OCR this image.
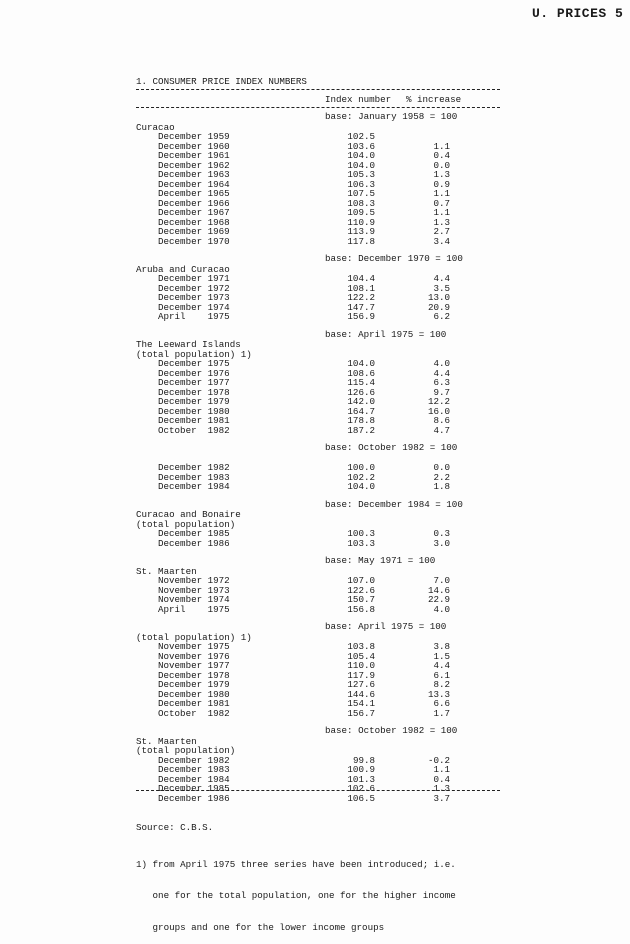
U. PRICES 5
1. CONSUMER PRICE INDEX NUMBERS
Index number % increase
base: January 1958 = 100
Curacao
December 1959	102.5
December 1960	103.6	1.1
December 1961	104.0	0.4
December 1962	104.0	0.0
December 1963	105.3	1.3
December 1964	106.3	0.9
December 1965	107.5	1.1
December 1966	108.3	0.7
December 1967	109.5	1.1
December 1968	110.9	1.3
December 1969	113.9	2.7
December 1970	117.8	3.4
base: December 1970 = 100
Aruba and Curacao
December 1971	104.4	4.4
December 1972	108.1	3.5
December 1973	122.2	13.0
December 1974	147.7	20.9
April    1975	156.9	6.2
base: April 1975 = 100
The Leeward Islands
(total population) 1)
December 1975	104.0	4.0
December 1976	108.6	4.4
December 1977	115.4	6.3
December 1978	126.6	9.7
December 1979	142.0	12.2
December 1980	164.7	16.0
December 1981	178.8	8.6
October  1982	187.2	4.7
base: October 1982 = 100
December 1982	100.0	0.0
December 1983	102.2	2.2
December 1984	104.0	1.8
base: December 1984 = 100
Curacao and Bonaire
(total population)
December 1985	100.3	0.3
December 1986	103.3	3.0
base: May 1971 = 100
St. Maarten
November 1972	107.0	7.0
November 1973	122.6	14.6
November 1974	150.7	22.9
April    1975	156.8	4.0
base: April 1975 = 100
(total population) 1)
November 1975	103.8	3.8
November 1976	105.4	1.5
November 1977	110.0	4.4
December 1978	117.9	6.1
December 1979	127.6	8.2
December 1980	144.6	13.3
December 1981	154.1	6.6
October  1982	156.7	1.7
base: October 1982 = 100
St. Maarten
(total population)
December 1982	99.8	-0.2
December 1983	100.9	1.1
December 1984	101.3	0.4
December 1985	102.6	1.3
December 1986	106.5	3.7

Source: C.B.S.

1) from April 1975 three series have been introduced; i.e.

one for the total population, one for the higher income

groups and one for the lower income groups
